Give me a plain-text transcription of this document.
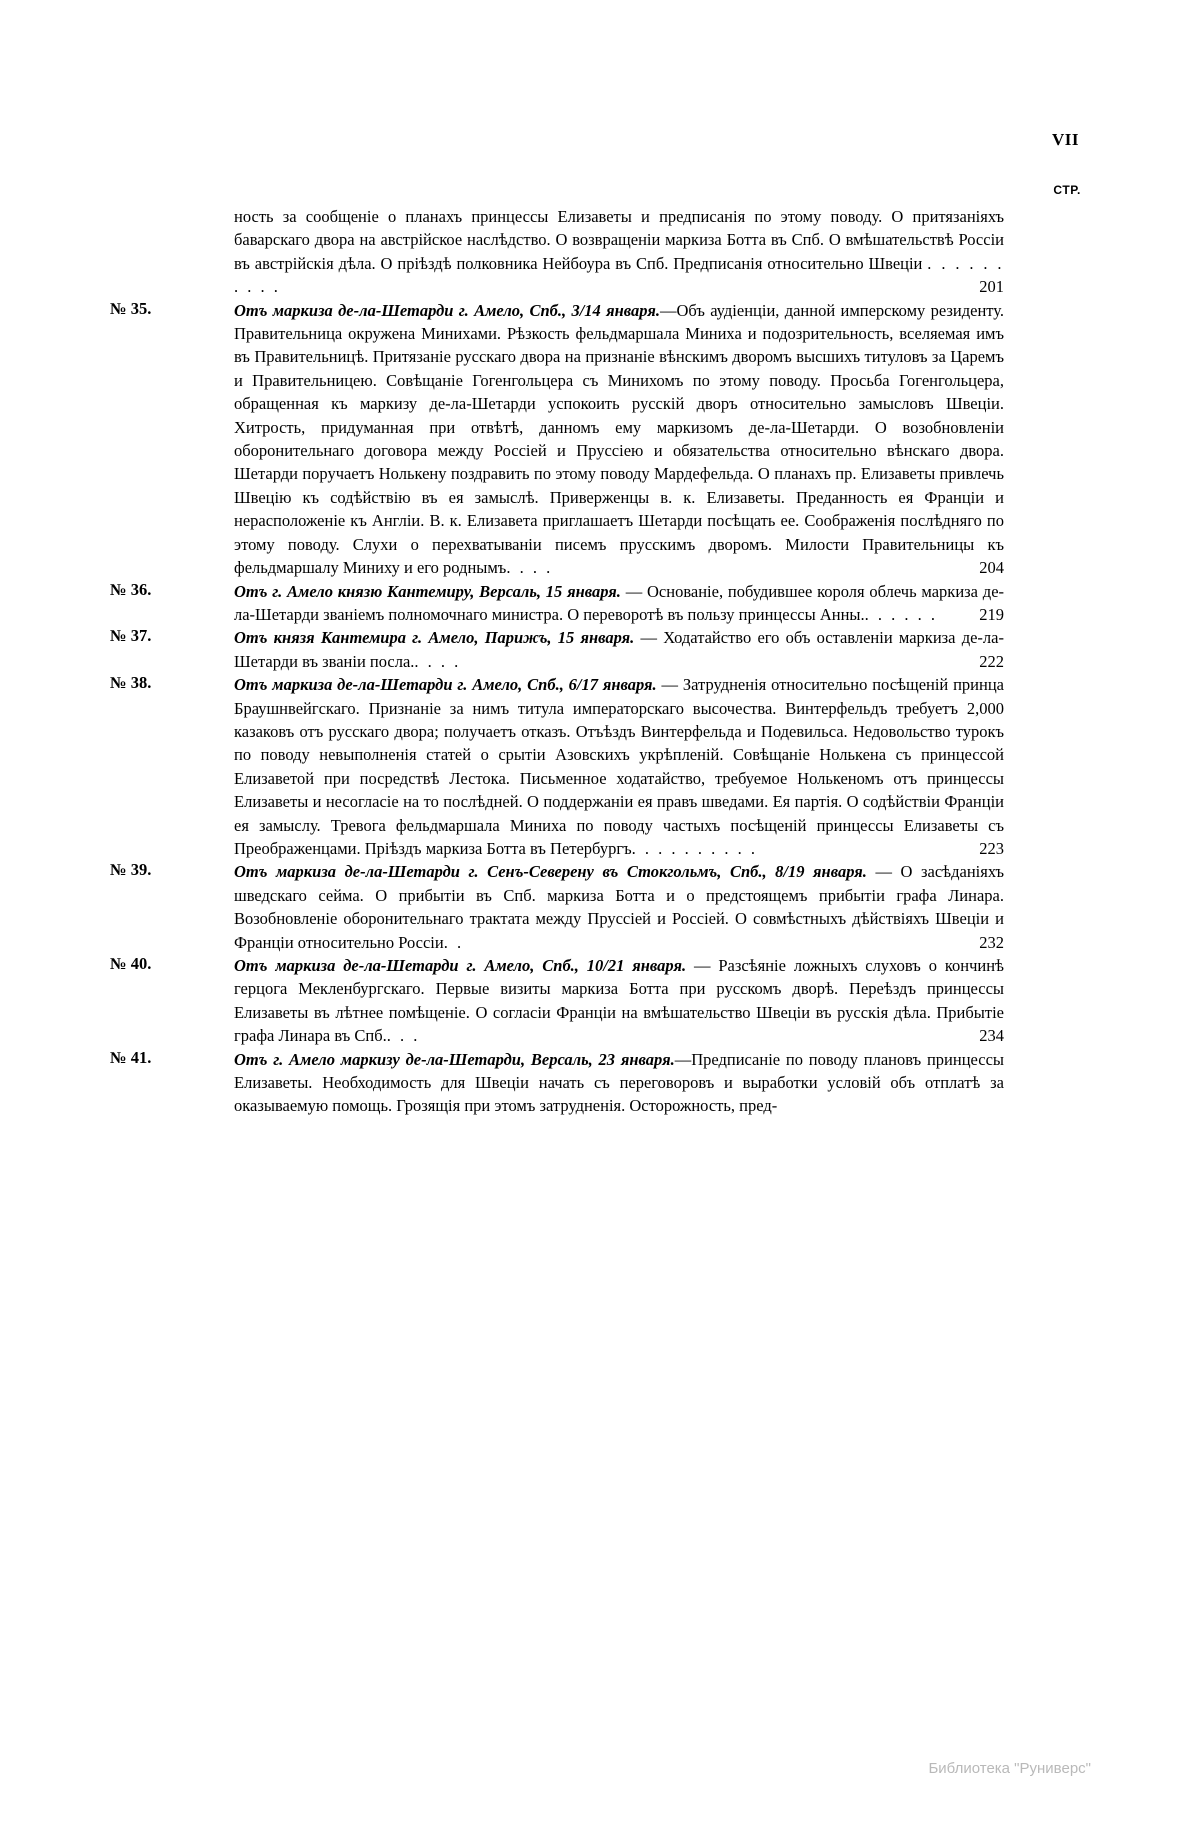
VII
СТР.
ность за сообщеніе о планахъ принцессы Елизаветы и предписанія по этому поводу. О притязаніяхъ баварскаго двора на австрійское наслѣдство. О возвращеніи маркиза Ботта въ Спб. О вмѣшательствѣ Россіи въ австрійскія дѣла. О пріѣздѣ полковника Нейбоура въ Спб. Предписанія относительно Швеціи . . . . . . . . . .	201
№ 35.	Отъ маркиза де-ла-Шетарди г. Амело, Спб., 3/14 января.—Объ аудіенціи, данной имперскому резиденту. Правительница окружена Минихами. Рѣзкость фельдмаршала Миниха и подозрительность, вселяемая имъ въ Правительницѣ. Притязаніе русскаго двора на признаніе вѣнскимъ дворомъ высшихъ титуловъ за Царемъ и Правительницею. Совѣщаніе Гогенгольцера съ Минихомъ по этому поводу. Просьба Гогенгольцера, обращенная къ маркизу де-ла-Шетарди успокоить русскій дворъ относительно замысловъ Швеціи. Хитрость, придуманная при отвѣтѣ, данномъ ему маркизомъ де-ла-Шетарди. О возобновленіи оборонительнаго договора между Россіей и Пруссіею и обязательства относительно вѣнскаго двора. Шетарди поручаетъ Нолькену поздравить по этому поводу Мардефельда. О планахъ пр. Елизаветы привлечь Швецію къ содѣйствію въ ея замыслѣ. Приверженцы в. к. Елизаветы. Преданность ея Франціи и нерасположеніе къ Англіи. В. к. Елизавета приглашаетъ Шетарди посѣщать ее. Соображенія послѣдняго по этому поводу. Слухи о перехватываніи писемъ прусскимъ дворомъ. Милости Правительницы къ фельдмаршалу Миниху и его роднымъ. . . .	204
№ 36.	Отъ г. Амело князю Кантемиру, Версаль, 15 января. — Основаніе, побудившее короля облечь маркиза де-ла-Шетарди званіемъ полномочнаго министра. О переворотѣ въ пользу принцессы Анны.. . . . . .	219
№ 37.	Отъ князя Кантемира г. Амело, Парижъ, 15 января. — Ходатайство его объ оставленіи маркиза де-ла-Шетарди въ званіи посла.. . . .	222
№ 38.	Отъ маркиза де-ла-Шетарди г. Амело, Спб., 6/17 января. — Затрудненія относительно посѣщеній принца Браушнвейгскаго. Признаніе за нимъ титула императорскаго высочества. Винтерфельдъ требуетъ 2,000 казаковъ отъ русскаго двора; получаетъ отказъ. Отъѣздъ Винтерфельда и Подевильса. Недовольство турокъ по поводу невыполненія статей о срытіи Азовскихъ укрѣпленій. Совѣщаніе Нолькена съ принцессой Елизаветой при посредствѣ Лестока. Письменное ходатайство, требуемое Нолькеномъ отъ принцессы Елизаветы и несогласіе на то послѣдней. О поддержаніи ея правъ шведами. Ея партія. О содѣйствіи Франціи ея замыслу. Тревога фельдмаршала Миниха по поводу частыхъ посѣщеній принцессы Елизаветы съ Преображенцами. Пріѣздъ маркиза Ботта въ Петербургъ. . . . . . . . . .	223
№ 39.	Отъ маркиза де-ла-Шетарди г. Сенъ-Северену въ Стокгольмъ, Спб., 8/19 января. — О засѣданіяхъ шведскаго сейма. О прибытіи въ Спб. маркиза Ботта и о предстоящемъ прибытіи графа Линара. Возобновленіе оборонительнаго трактата между Пруссіей и Россіей. О совмѣстныхъ дѣйствіяхъ Швеціи и Франціи относительно Россіи. .	232
№ 40.	Отъ маркиза де-ла-Шетарди г. Амело, Спб., 10/21 января. — Разсѣяніе ложныхъ слуховъ о кончинѣ герцога Мекленбургскаго. Первые визиты маркиза Ботта при русскомъ дворѣ. Переѣздъ принцессы Елизаветы въ лѣтнее помѣщеніе. О согласіи Франціи на вмѣшательство Швеціи въ русскія дѣла. Прибытіе графа Линара въ Спб.. . .	234
№ 41.	Отъ г. Амело маркизу де-ла-Шетарди, Версаль, 23 января.—Предписаніе по поводу плановъ принцессы Елизаветы. Необходимость для Швеціи начать съ переговоровъ и выработки условій объ отплатѣ за оказываемую помощь. Грозящія при этомъ затрудненія. Осторожность, пред-
Библиотека "Руниверс"
